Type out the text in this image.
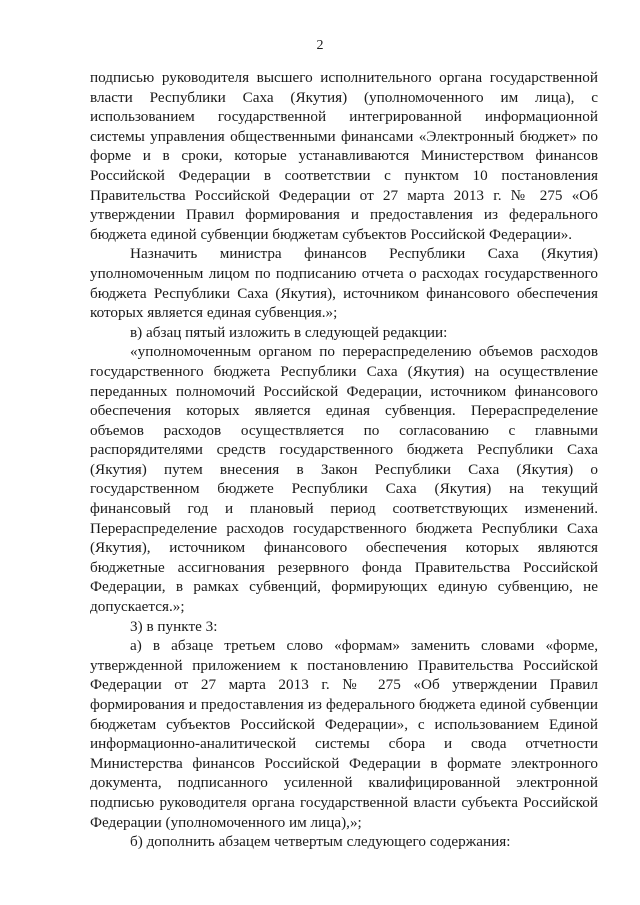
2

подписью руководителя высшего исполнительного органа государственной власти Республики Саха (Якутия) (уполномоченного им лица), с использованием государственной интегрированной информационной системы управления общественными финансами «Электронный бюджет» по форме и в сроки, которые устанавливаются Министерством финансов Российской Федерации в соответствии с пунктом 10 постановления Правительства Российской Федерации от 27 марта 2013 г. № 275 «Об утверждении Правил формирования и предоставления из федерального бюджета единой субвенции бюджетам субъектов Российской Федерации».

Назначить министра финансов Республики Саха (Якутия) уполномоченным лицом по подписанию отчета о расходах государственного бюджета Республики Саха (Якутия), источником финансового обеспечения которых является единая субвенция.»;

в) абзац пятый изложить в следующей редакции:

«уполномоченным органом по перераспределению объемов расходов государственного бюджета Республики Саха (Якутия) на осуществление переданных полномочий Российской Федерации, источником финансового обеспечения которых является единая субвенция. Перераспределение объемов расходов осуществляется по согласованию с главными распорядителями средств государственного бюджета Республики Саха (Якутия) путем внесения в Закон Республики Саха (Якутия) о государственном бюджете Республики Саха (Якутия) на текущий финансовый год и плановый период соответствующих изменений. Перераспределение расходов государственного бюджета Республики Саха (Якутия), источником финансового обеспечения которых являются бюджетные ассигнования резервного фонда Правительства Российской Федерации, в рамках субвенций, формирующих единую субвенцию, не допускается.»;

3) в пункте 3:

а) в абзаце третьем слово «формам» заменить словами «форме, утвержденной приложением к постановлению Правительства Российской Федерации от 27 марта 2013 г. № 275 «Об утверждении Правил формирования и предоставления из федерального бюджета единой субвенции бюджетам субъектов Российской Федерации», с использованием Единой информационно-аналитической системы сбора и свода отчетности Министерства финансов Российской Федерации в формате электронного документа, подписанного усиленной квалифицированной электронной подписью руководителя органа государственной власти субъекта Российской Федерации (уполномоченного им лица),»;

б) дополнить абзацем четвертым следующего содержания:
